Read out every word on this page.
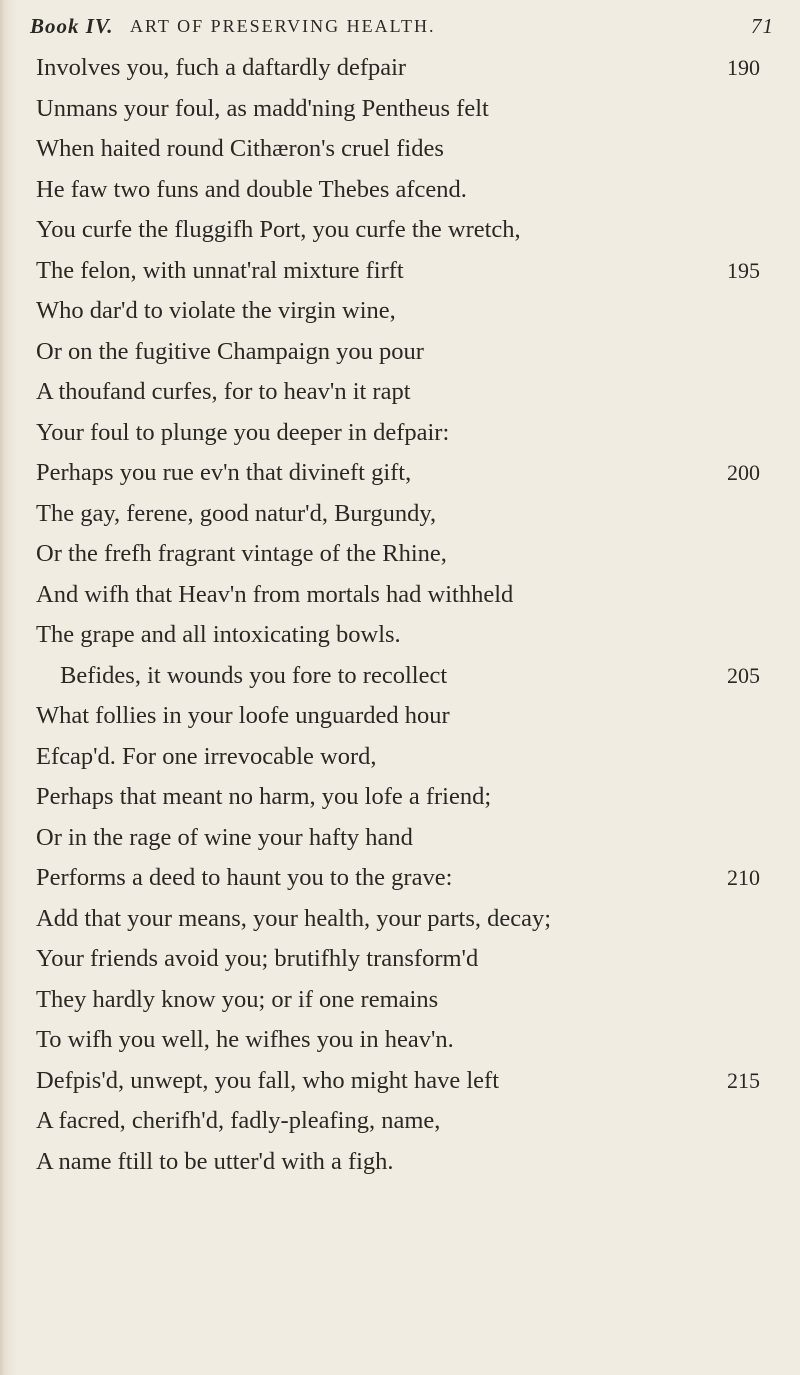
Book IV. ART OF PRESERVING HEALTH.	71
Involves you, fuch a daftardly defpair	190
Unmans your foul, as madd'ning Pentheus felt
When haited round Cithæron's cruel fides
He faw two funs and double Thebes afcend.
You curfe the fluggifh Port, you curfe the wretch,
The felon, with unnat'ral mixture firft	195
Who dar'd to violate the virgin wine,
Or on the fugitive Champaign you pour
A thoufand curfes, for to heav'n it rapt
Your foul to plunge you deeper in defpair:
Perhaps you rue ev'n that divineft gift,	200
The gay, ferene, good natur'd, Burgundy,
Or the frefh fragrant vintage of the Rhine,
And wifh that Heav'n from mortals had withheld
The grape and all intoxicating bowls.
Befides, it wounds you fore to recollect	205
What follies in your loofe unguarded hour
Efcap'd. For one irrevocable word,
Perhaps that meant no harm, you lofe a friend;
Or in the rage of wine your hafty hand
Performs a deed to haunt you to the grave:	210
Add that your means, your health, your parts, decay;
Your friends avoid you; brutifhly transform'd
They hardly know you; or if one remains
To wifh you well, he wifhes you in heav'n.
Defpis'd, unwept, you fall, who might have left	215
A facred, cherifh'd, fadly-pleafing, name,
A name ftill to be utter'd with a figh.
